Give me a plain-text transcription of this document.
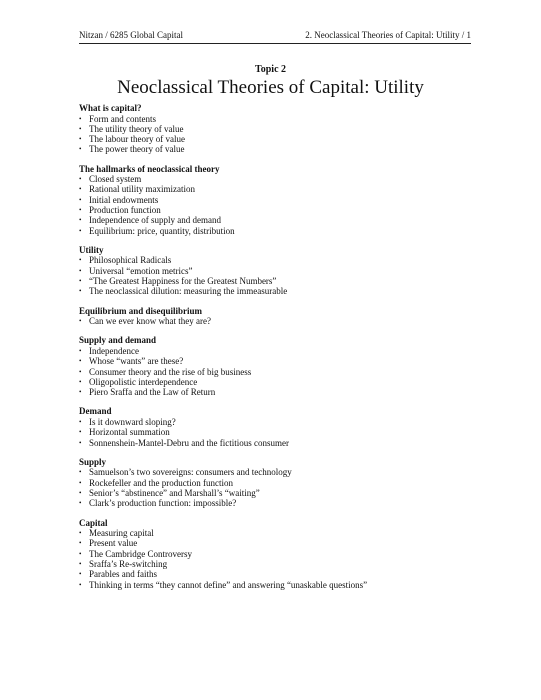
Nitzan / 6285 Global Capital	2. Neoclassical Theories of Capital: Utility / 1
Topic 2
Neoclassical Theories of Capital: Utility
What is capital?
• Form and contents
• The utility theory of value
• The labour theory of value
• The power theory of value
The hallmarks of neoclassical theory
• Closed system
• Rational utility maximization
• Initial endowments
• Production function
• Independence of supply and demand
• Equilibrium: price, quantity, distribution
Utility
• Philosophical Radicals
• Universal “emotion metrics”
• “The Greatest Happiness for the Greatest Numbers”
• The neoclassical dilution: measuring the immeasurable
Equilibrium and disequilibrium
• Can we ever know what they are?
Supply and demand
• Independence
• Whose “wants” are these?
• Consumer theory and the rise of big business
• Oligopolistic interdependence
• Piero Sraffa and the Law of Return
Demand
• Is it downward sloping?
• Horizontal summation
• Sonnenshein-Mantel-Debru and the fictitious consumer
Supply
• Samuelson’s two sovereigns: consumers and technology
• Rockefeller and the production function
• Senior’s “abstinence” and Marshall’s “waiting”
• Clark’s production function: impossible?
Capital
• Measuring capital
• Present value
• The Cambridge Controversy
• Sraffa’s Re-switching
• Parables and faiths
• Thinking in terms “they cannot define” and answering “unaskable questions”
